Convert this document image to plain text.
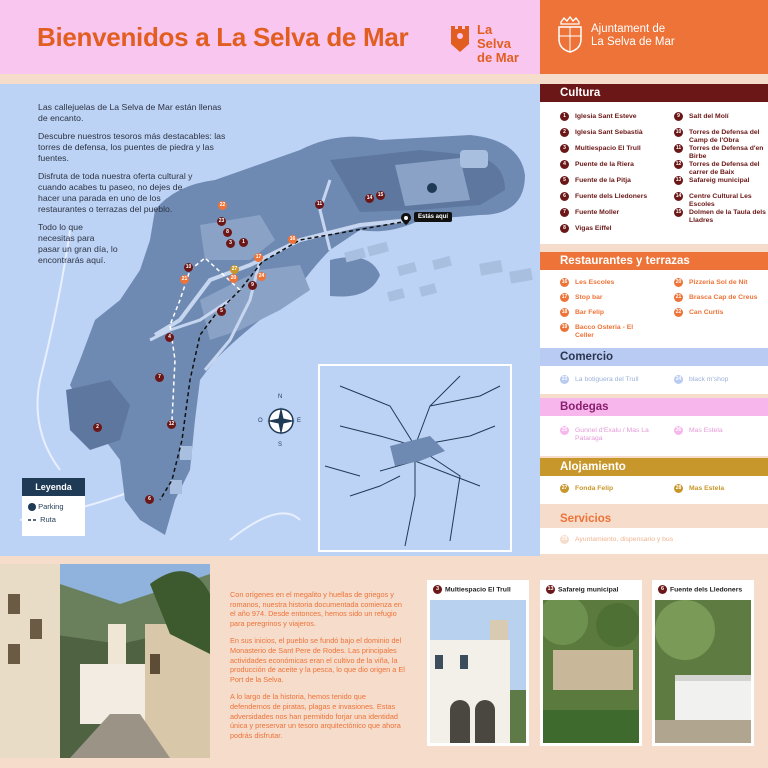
Bienvenidos a La Selva de Mar	La Selva
de Mar
Ajuntament de
La Selva de Mar
Estás aquí
N
S
E
O

Las callejuelas de La Selva de Mar están llenas de encanto.

Descubre nuestros tesoros más destacables: las torres de defensa, los puentes de piedra y las fuentes.

Disfruta de toda nuestra oferta cultural y cuando acabes tu paseo, no dejes de hacer una parada en uno de los restaurantes o terrazas del pueblo.

Todo lo que necesitas para pasar un gran día, lo encontrarás aquí.

1
2
3
4
5
6
7
8
9
10
11
12
14	15
16
17
20
21
22
24
27
23
Leyenda
Parking
Ruta
Cultura
Restaurantes y terrazas
Comercio
Bodegas
Alojamiento
Servicios
1	Iglesia Sant Esteve
2	Iglesia Sant Sebastià
3	Multiespacio El Trull
4	Puente de la Riera
5	Fuente de la Pitja
6	Fuente dels Lledoners
7	Fuente Moller
8	Vigas Eiffel
9	Salt del Molí
10 Torres de Defensa del Camp de l'Obra
11 Torres de Defensa d'en Birbe
12 Torres de Defensa del carrer de Baix
13 Safareig municipal
14 Centre Cultural Les Escoles
15 Dolmen de la Taula dels Lladres
16 Les Escoles
17 Stop bar
18 Bar Felip
19 Bacco Osteria - El Celler
20 Pizzeria Sol de Nit
21 Brasca Cap de Creus
22 Can Curtis
23 La botiguera del Trull	24 black m'shop
25 Gunnel d'Exalu / Mas La Pataraga
26 Mas Estela
27 Fonda Felip	28 Mas Estela
29 Ayuntamiento, dispensario y bus

Con orígenes en el megalito y huellas de griegos y romanos, nuestra historia documentada comienza en el año 974. Desde entonces, hemos sido un refugio para peregrinos y viajeros.

En sus inicios, el pueblo se fundó bajo el dominio del Monasterio de Sant Pere de Rodes. Las principales actividades económicas eran el cultivo de la viña, la producción de aceite y la pesca, lo que dio origen a El Port de la Selva.

A lo largo de la historia, hemos tenido que defendernos de piratas, plagas e invasiones. Estas adversidades nos han permitido forjar una identidad única y preservar un tesoro arquitectónico que ahora podrás disfrutar.

3 Multiespacio El Trull	13 Safareig municipal	6 Fuente dels Lledoners
